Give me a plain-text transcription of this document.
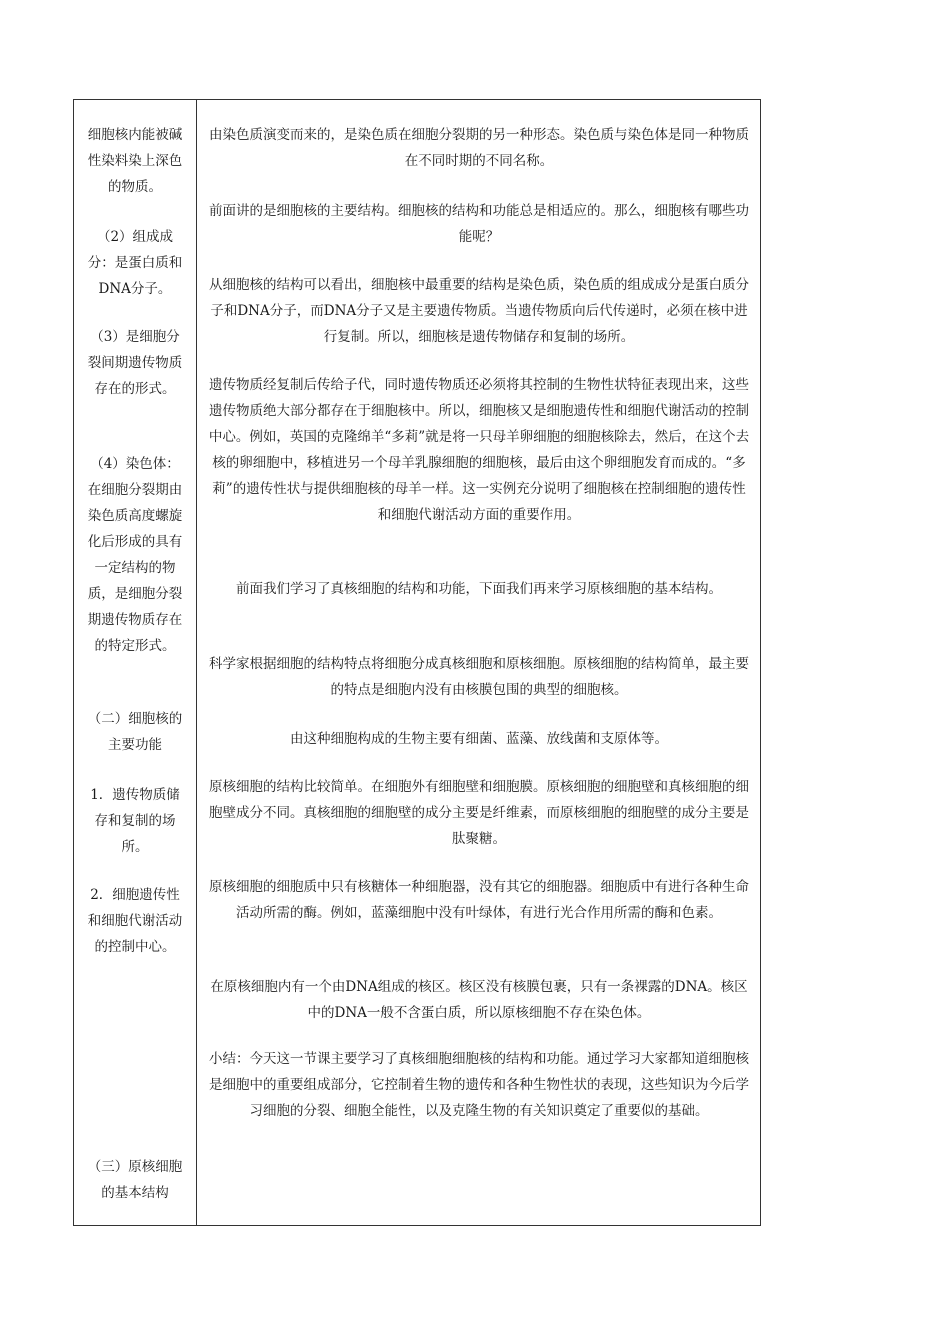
细胞核内能被碱性染料染上深色的物质。

（2）组成成分：是蛋白质和DNA分子。

（3）是细胞分裂间期遗传物质存在的形式。

（4）染色体：在细胞分裂期由染色质高度螺旋化后形成的具有一定结构的物质，是细胞分裂期遗传物质存在的特定形式。

（二）细胞核的主要功能

1．遗传物质储存和复制的场所。

2．细胞遗传性和细胞代谢活动的控制中心。

（三）原核细胞的基本结构

由染色质演变而来的，是染色质在细胞分裂期的另一种形态。染色质与染色体是同一种物质在不同时期的不同名称。

前面讲的是细胞核的主要结构。细胞核的结构和功能总是相适应的。那么，细胞核有哪些功能呢？

从细胞核的结构可以看出，细胞核中最重要的结构是染色质，染色质的组成成分是蛋白质分子和DNA分子，而DNA分子又是主要遗传物质。当遗传物质向后代传递时，必须在核中进行复制。所以，细胞核是遗传物储存和复制的场所。

遗传物质经复制后传给子代，同时遗传物质还必须将其控制的生物性状特征表现出来，这些遗传物质绝大部分都存在于细胞核中。所以，细胞核又是细胞遗传性和细胞代谢活动的控制中心。例如，英国的克隆绵羊“多莉”就是将一只母羊卵细胞的细胞核除去，然后，在这个去核的卵细胞中，移植进另一个母羊乳腺细胞的细胞核，最后由这个卵细胞发育而成的。“多莉”的遗传性状与提供细胞核的母羊一样。这一实例充分说明了细胞核在控制细胞的遗传性和细胞代谢活动方面的重要作用。

前面我们学习了真核细胞的结构和功能，下面我们再来学习原核细胞的基本结构。

科学家根据细胞的结构特点将细胞分成真核细胞和原核细胞。原核细胞的结构简单，最主要的特点是细胞内没有由核膜包围的典型的细胞核。

由这种细胞构成的生物主要有细菌、蓝藻、放线菌和支原体等。

原核细胞的结构比较简单。在细胞外有细胞壁和细胞膜。原核细胞的细胞壁和真核细胞的细胞壁成分不同。真核细胞的细胞壁的成分主要是纤维素，而原核细胞的细胞壁的成分主要是肽聚糖。

原核细胞的细胞质中只有核糖体一种细胞器，没有其它的细胞器。细胞质中有进行各种生命活动所需的酶。例如，蓝藻细胞中没有叶绿体，有进行光合作用所需的酶和色素。

在原核细胞内有一个由DNA组成的核区。核区没有核膜包裹，只有一条裸露的DNA。核区中的DNA一般不含蛋白质，所以原核细胞不存在染色体。

小结：今天这一节课主要学习了真核细胞细胞核的结构和功能。通过学习大家都知道细胞核是细胞中的重要组成部分，它控制着生物的遗传和各种生物性状的表现，这些知识为今后学习细胞的分裂、细胞全能性，以及克隆生物的有关知识奠定了重要似的基础。
